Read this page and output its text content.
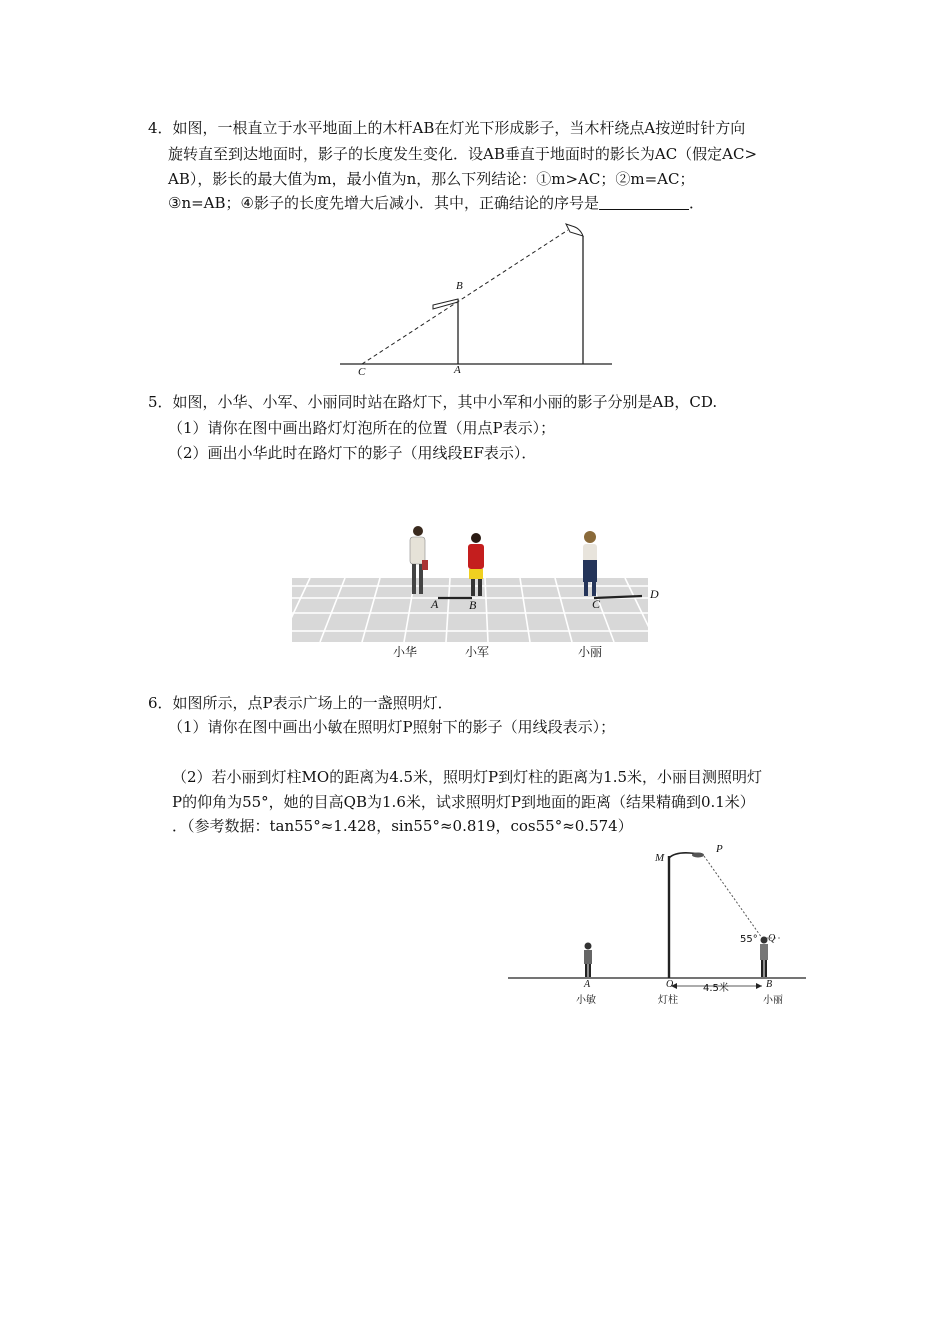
4．如图，一根直立于水平地面上的木杆AB在灯光下形成影子，当木杆绕点A按逆时针方向
旋转直至到达地面时，影子的长度发生变化．设AB垂直于地面时的影长为AC（假定AC>
AB），影长的最大值为m，最小值为n，那么下列结论：①m>AC；②m=AC；
③n=AB；④影子的长度先增大后减小．其中，正确结论的序号是	．
C	A
B
5．如图，小华、小军、小丽同时站在路灯下，其中小军和小丽的影子分别是AB，CD.
（1）请你在图中画出路灯灯泡所在的位置（用点P表示）；
（2）画出小华此时在路灯下的影子（用线段EF表示）．
A	B	C
D
小华	小军	小丽
6．如图所示，点P表示广场上的一盏照明灯．
（1）请你在图中画出小敏在照明灯P照射下的影子（用线段表示）；
（2）若小丽到灯柱MO的距离为4.5米，照明灯P到灯柱的距离为1.5米，小丽目测照明灯
P的仰角为55°，她的目高QB为1.6米，试求照明灯P到地面的距离（结果精确到0.1米）
．（参考数据：tan55°≈1.428，sin55°≈0.819，cos55°≈0.574）
M
P
Q
55°
A	O	B
4.5米
小敏	灯柱	小丽
